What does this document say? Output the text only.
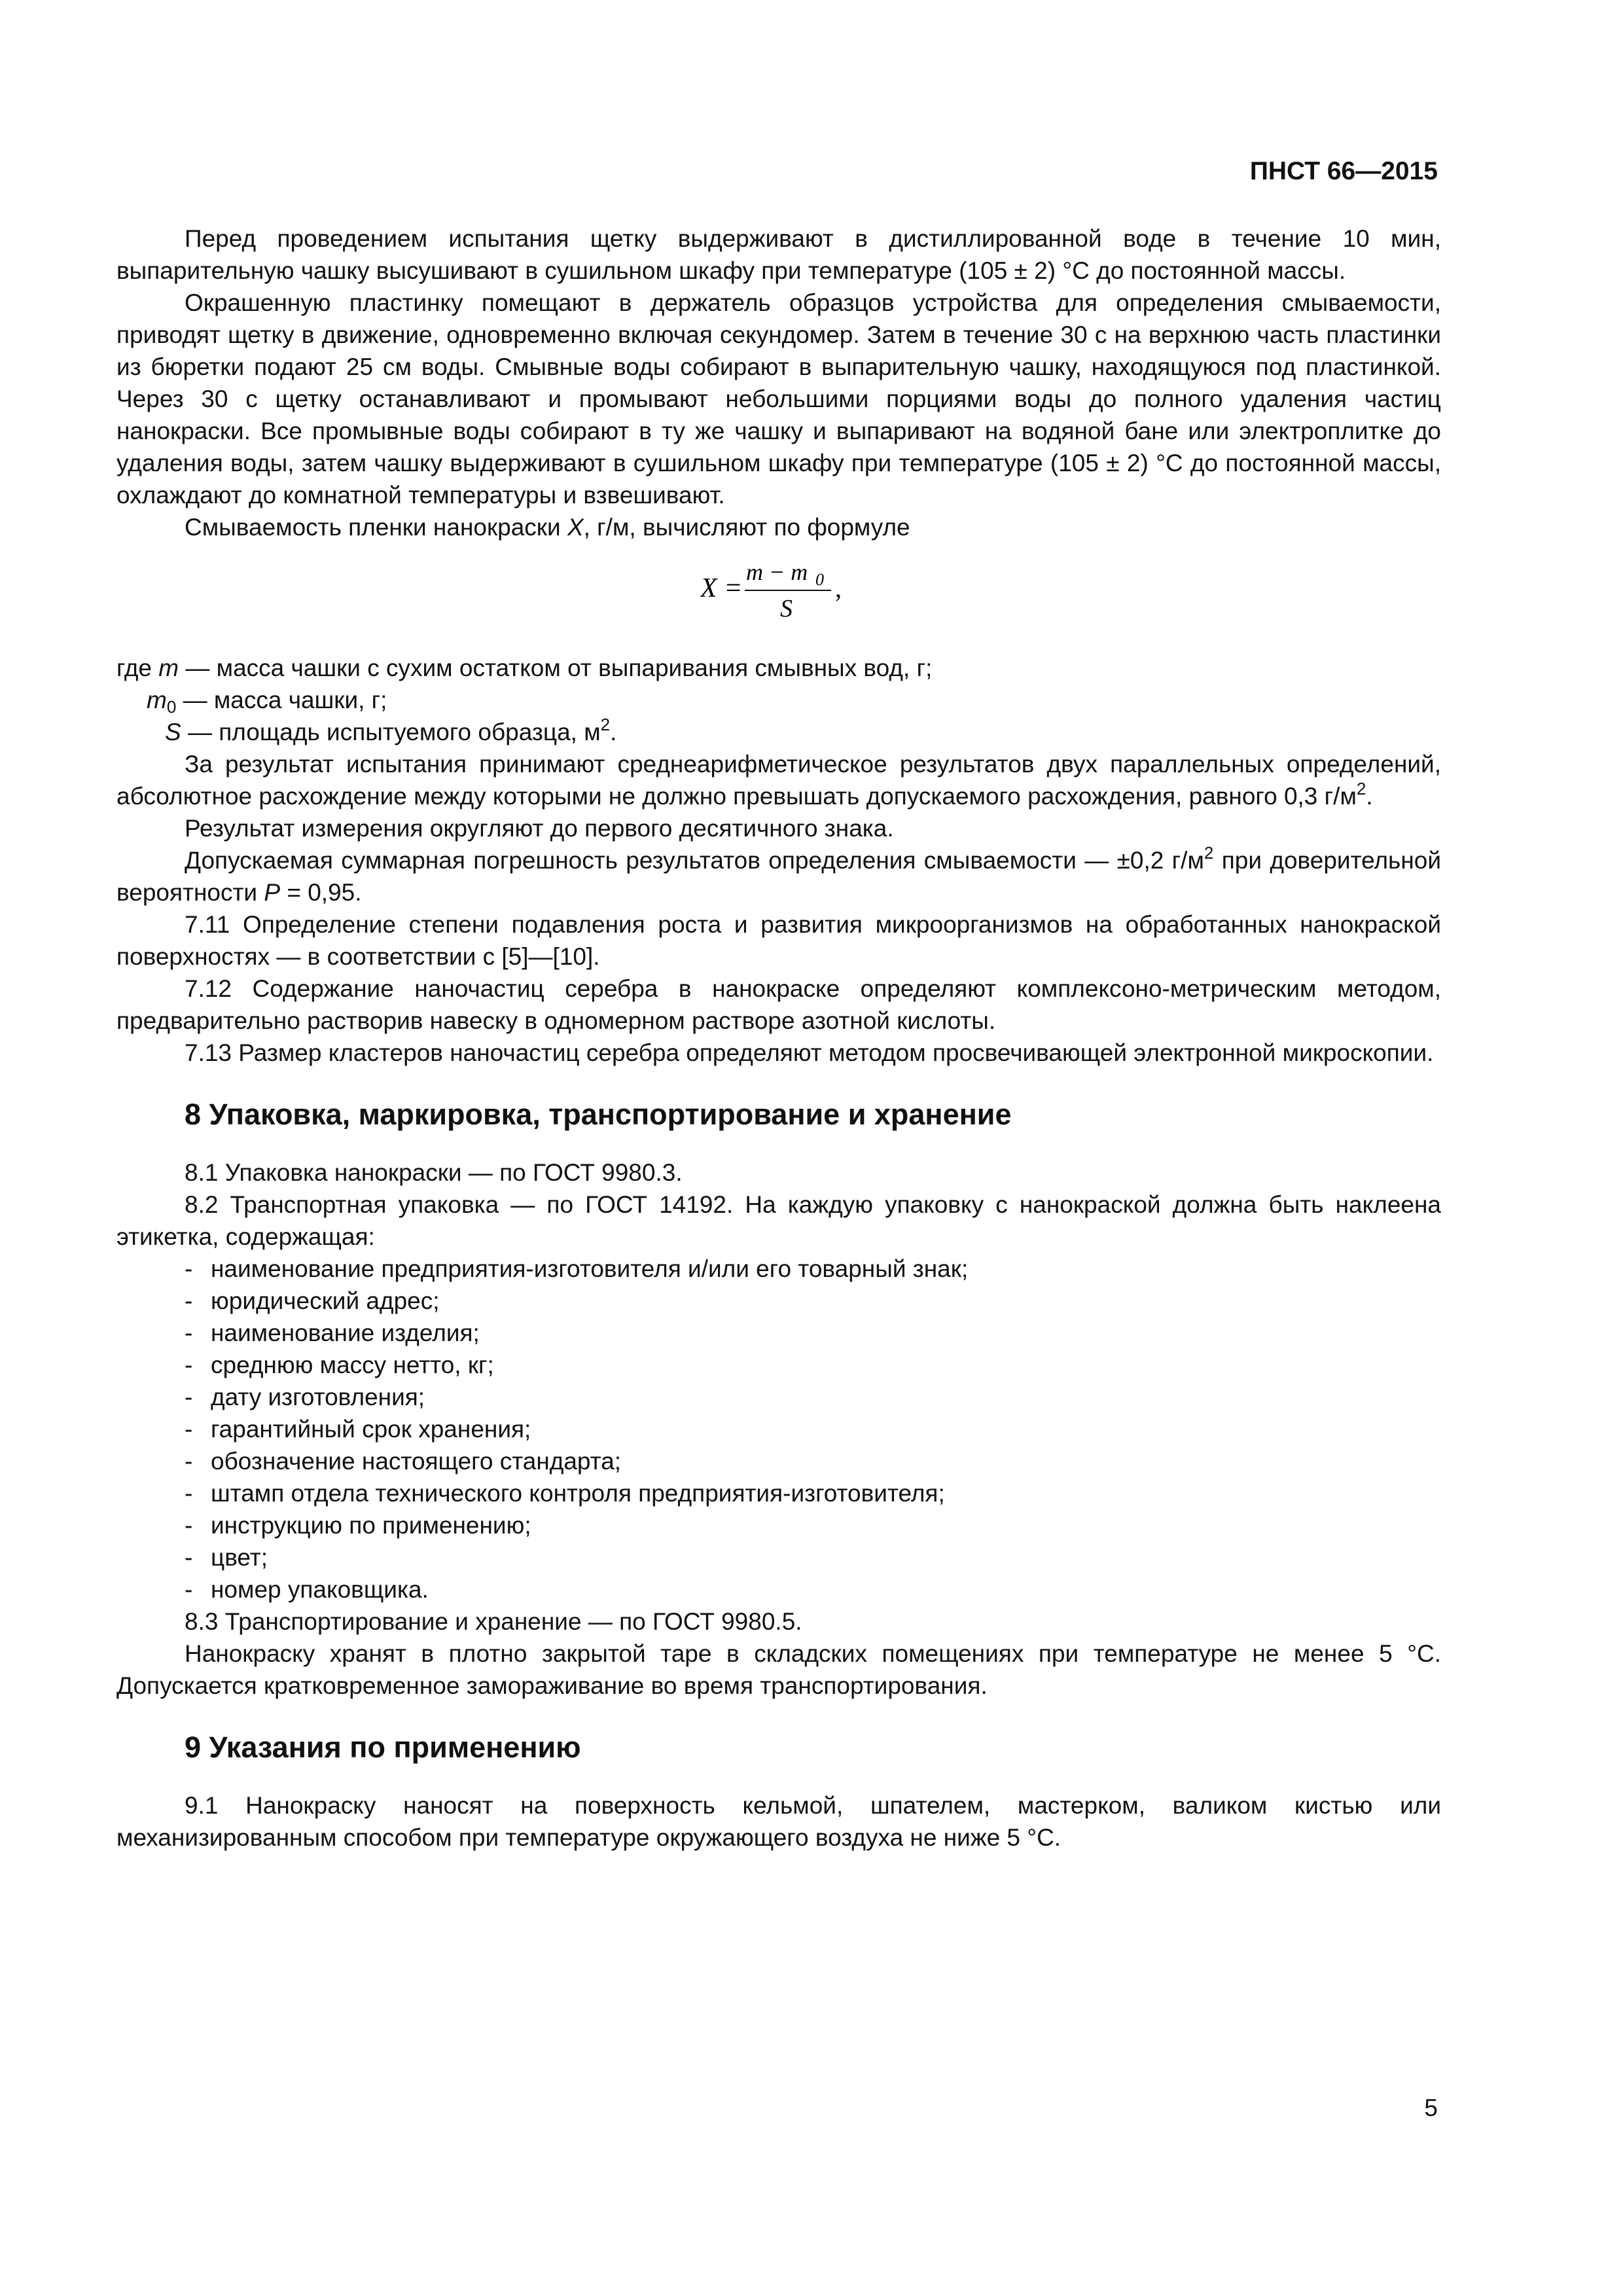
ПНСТ 66—2015

Перед проведением испытания щетку выдерживают в дистиллированной воде в течение 10 мин, выпарительную чашку высушивают в сушильном шкафу при температуре (105 ± 2) °С до постоянной массы.

Окрашенную пластинку помещают в держатель образцов устройства для определения смываемости, приводят щетку в движение, одновременно включая секундомер. Затем в течение 30 с на верхнюю часть пластинки из бюретки подают 25 см воды. Смывные воды собирают в выпарительную чашку, находящуюся под пластинкой. Через 30 с щетку останавливают и промывают небольшими порциями воды до полного удаления частиц нанокраски. Все промывные воды собирают в ту же чашку и выпаривают на водяной бане или электроплитке до удаления воды, затем чашку выдерживают в сушильном шкафу при температуре (105 ± 2) °С до постоянной массы, охлаждают до комнатной температуры и взвешивают.

Смываемость пленки нанокраски X, г/м, вычисляют по формуле

X =
m − m 0
S
,
где m — масса чашки с сухим остатком от выпаривания смывных вод, г;
$m_0$ — масса чашки, г;
S — площадь испытуемого образца, $м^2$.

За результат испытания принимают среднеарифметическое результатов двух параллельных определений, абсолютное расхождение между которыми не должно превышать допускаемого расхождения, равного 0,3 $г/м^2$.

Результат измерения округляют до первого десятичного знака.

Допускаемая суммарная погрешность результатов определения смываемости — ±0,2 $г/м^2$ при доверительной вероятности P = 0,95.

7.11 Определение степени подавления роста и развития микроорганизмов на обработанных нанокраской поверхностях — в соответствии с [5]—[10].

7.12 Содержание наночастиц серебра в нанокраске определяют комплексоно-метрическим методом, предварительно растворив навеску в одномерном растворе азотной кислоты.

7.13 Размер кластеров наночастиц серебра определяют методом просвечивающей электронной микроскопии.

8 Упаковка, маркировка, транспортирование и хранение

8.1 Упаковка нанокраски — по ГОСТ 9980.3.

8.2 Транспортная упаковка — по ГОСТ 14192. На каждую упаковку с нанокраской должна быть наклеена этикетка, содержащая:

- наименование предприятия-изготовителя и/или его товарный знак;

- юридический адрес;

- наименование изделия;

- среднюю массу нетто, кг;

- дату изготовления;

- гарантийный срок хранения;

- обозначение настоящего стандарта;

- штамп отдела технического контроля предприятия-изготовителя;

- инструкцию по применению;

- цвет;

- номер упаковщика.

8.3 Транспортирование и хранение — по ГОСТ 9980.5.

Нанокраску хранят в плотно закрытой таре в складских помещениях при температуре не менее 5 °С. Допускается кратковременное замораживание во время транспортирования.

9 Указания по применению

9.1 Нанокраску наносят на поверхность кельмой, шпателем, мастерком, валиком кистью или механизированным способом при температуре окружающего воздуха не ниже 5 °С.

5
